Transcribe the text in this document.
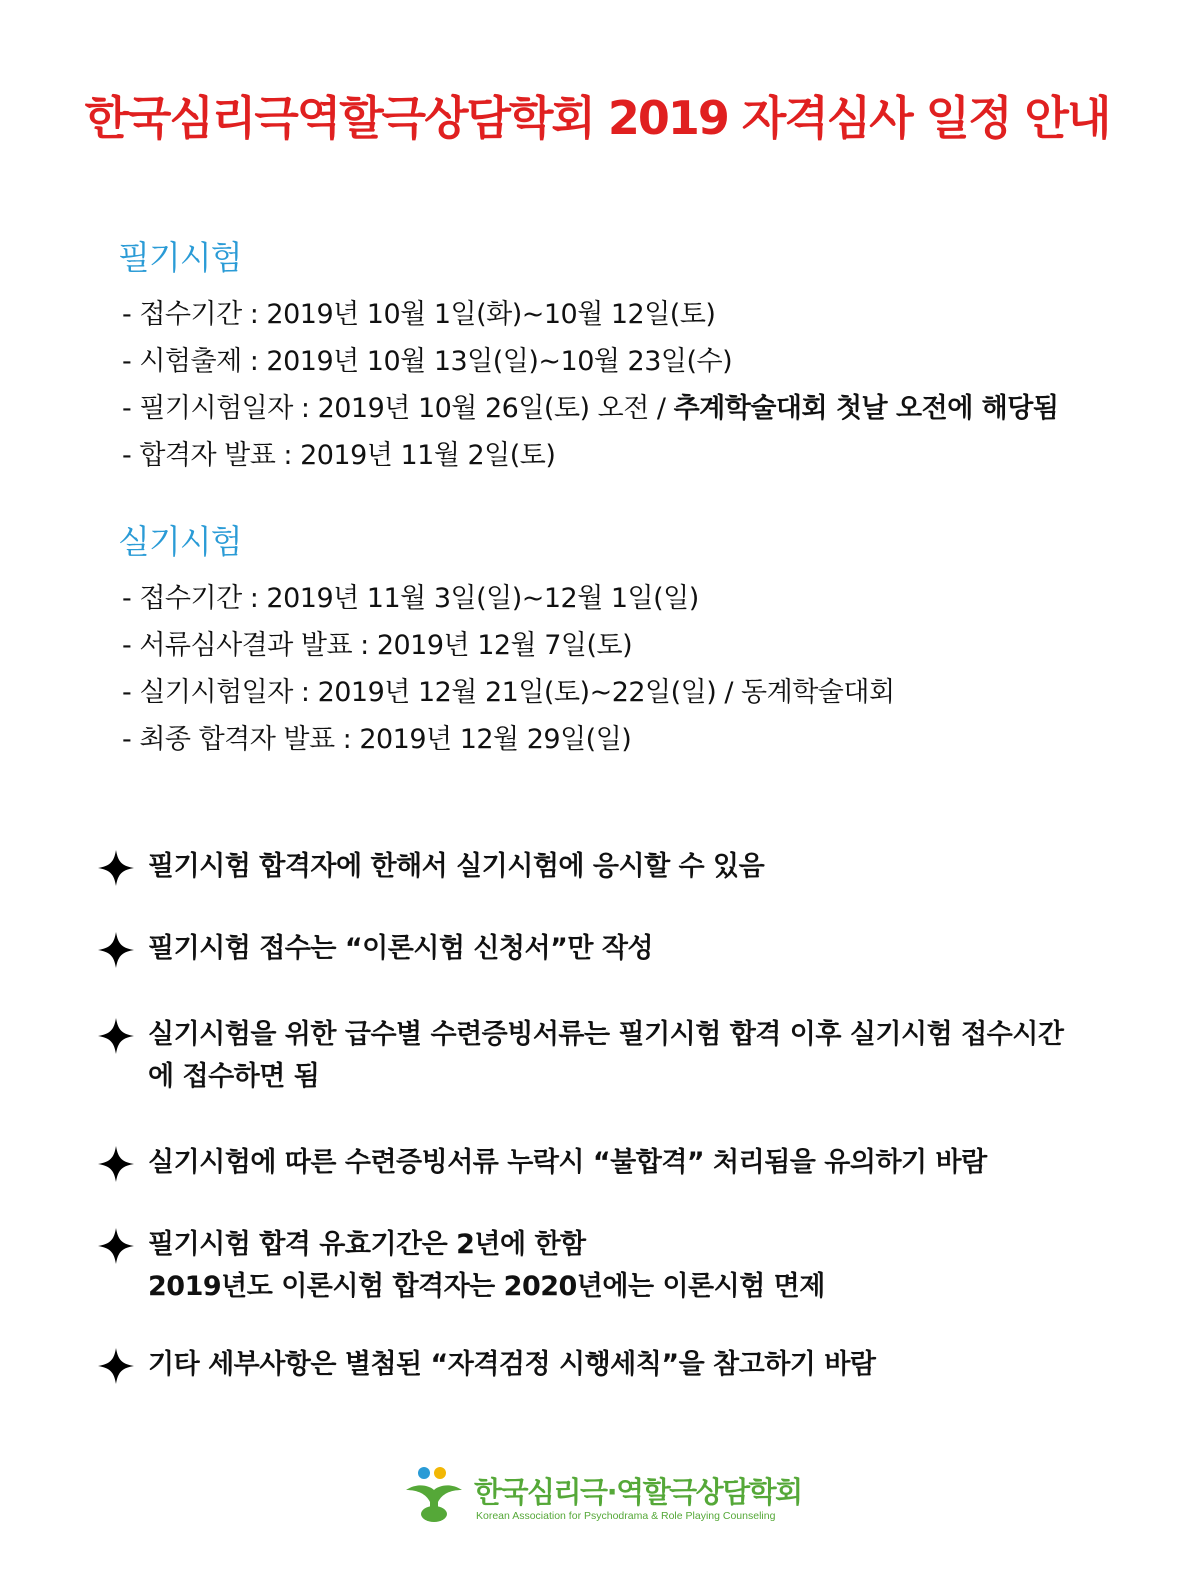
한국심리극역할극상담학회 2019 자격심사 일정 안내
필기시험
- 접수기간 : 2019년 10월 1일(화)~10월 12일(토)
- 시험출제 : 2019년 10월 13일(일)~10월 23일(수)
- 필기시험일자 : 2019년 10월 26일(토) 오전 / 추계학술대회 첫날 오전에 해당됨
- 합격자 발표 : 2019년 11월 2일(토)
실기시험
- 접수기간 : 2019년 11월 3일(일)~12월 1일(일)
- 서류심사결과 발표 : 2019년 12월 7일(토)
- 실기시험일자 : 2019년 12월 21일(토)~22일(일) / 동계학술대회
- 최종 합격자 발표 : 2019년 12월 29일(일)

필기시험 합격자에 한해서 실기시험에 응시할 수 있음

필기시험 접수는 “이론시험 신청서”만 작성

실기시험을 위한 급수별 수련증빙서류는 필기시험 합격 이후 실기시험 접수시간

에 접수하면 됨

실기시험에 따른 수련증빙서류 누락시 “불합격” 처리됨을 유의하기 바람

필기시험 합격 유효기간은 2년에 한함

2019년도 이론시험 합격자는 2020년에는 이론시험 면제

기타 세부사항은 별첨된 “자격검정 시행세칙”을 참고하기 바람

한국심리극·역할극상담학회
Korean Association for Psychodrama & Role Playing Counseling
